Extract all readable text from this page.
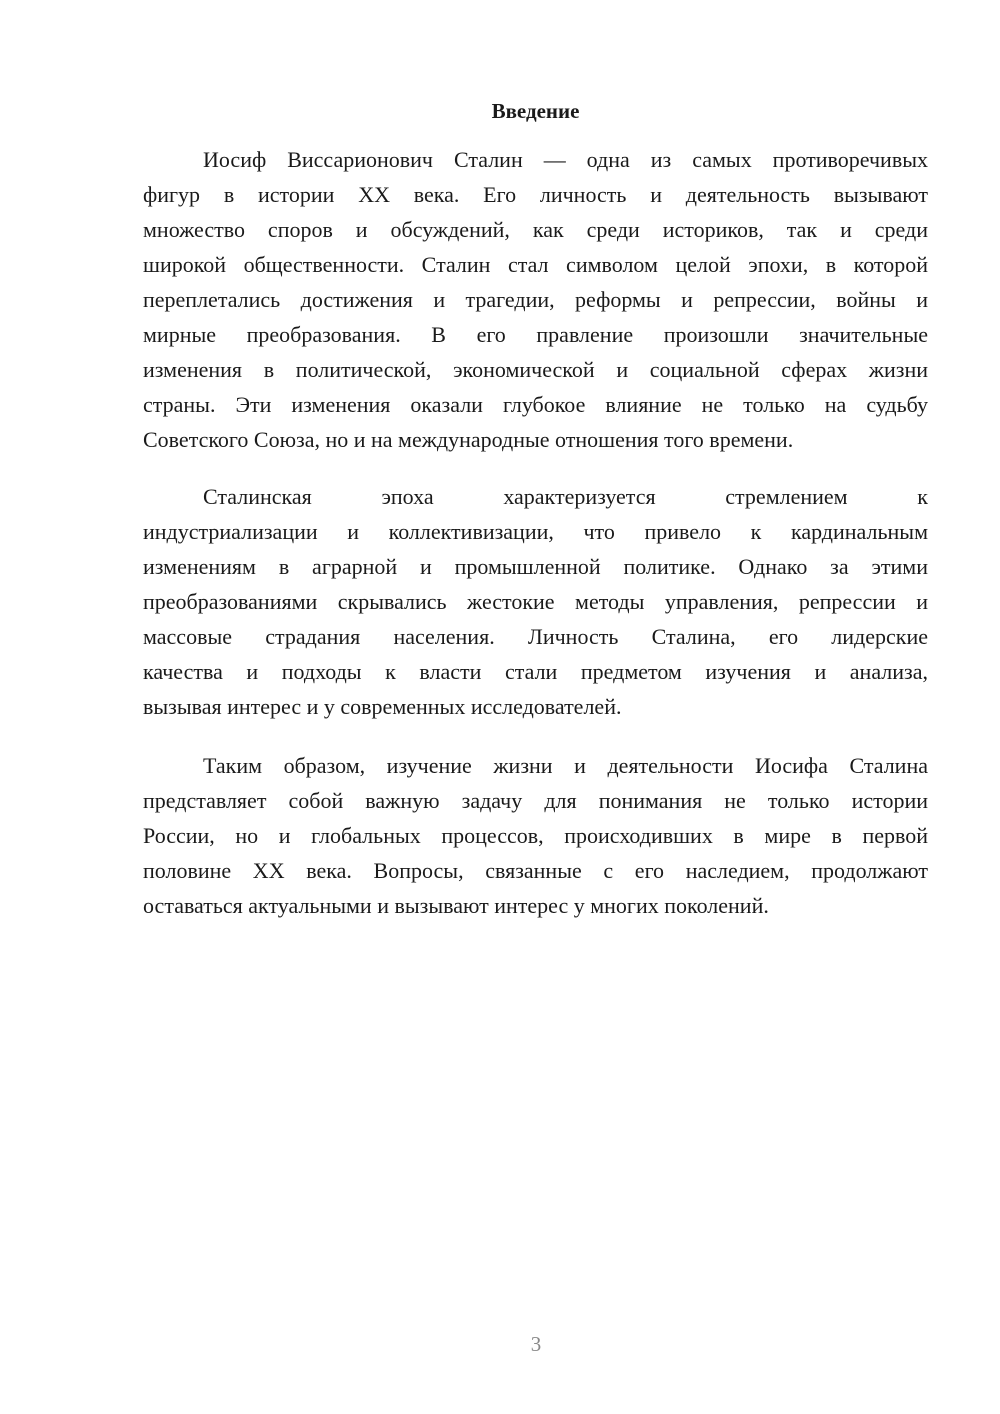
Введение
Иосиф Виссарионович Сталин — одна из самых противоречивых
фигур в истории XX века. Его личность и деятельность вызывают
множество споров и обсуждений, как среди историков, так и среди
широкой общественности. Сталин стал символом целой эпохи, в которой
переплетались достижения и трагедии, реформы и репрессии, войны и
мирные преобразования. В его правление произошли значительные
изменения в политической, экономической и социальной сферах жизни
страны. Эти изменения оказали глубокое влияние не только на судьбу
Советского Союза, но и на международные отношения того времени.
Сталинская эпоха характеризуется стремлением к
индустриализации и коллективизации, что привело к кардинальным
изменениям в аграрной и промышленной политике. Однако за этими
преобразованиями скрывались жестокие методы управления, репрессии и
массовые страдания населения. Личность Сталина, его лидерские
качества и подходы к власти стали предметом изучения и анализа,
вызывая интерес и у современных исследователей.
Таким образом, изучение жизни и деятельности Иосифа Сталина
представляет собой важную задачу для понимания не только истории
России, но и глобальных процессов, происходивших в мире в первой
половине XX века. Вопросы, связанные с его наследием, продолжают
оставаться актуальными и вызывают интерес у многих поколений.
3
